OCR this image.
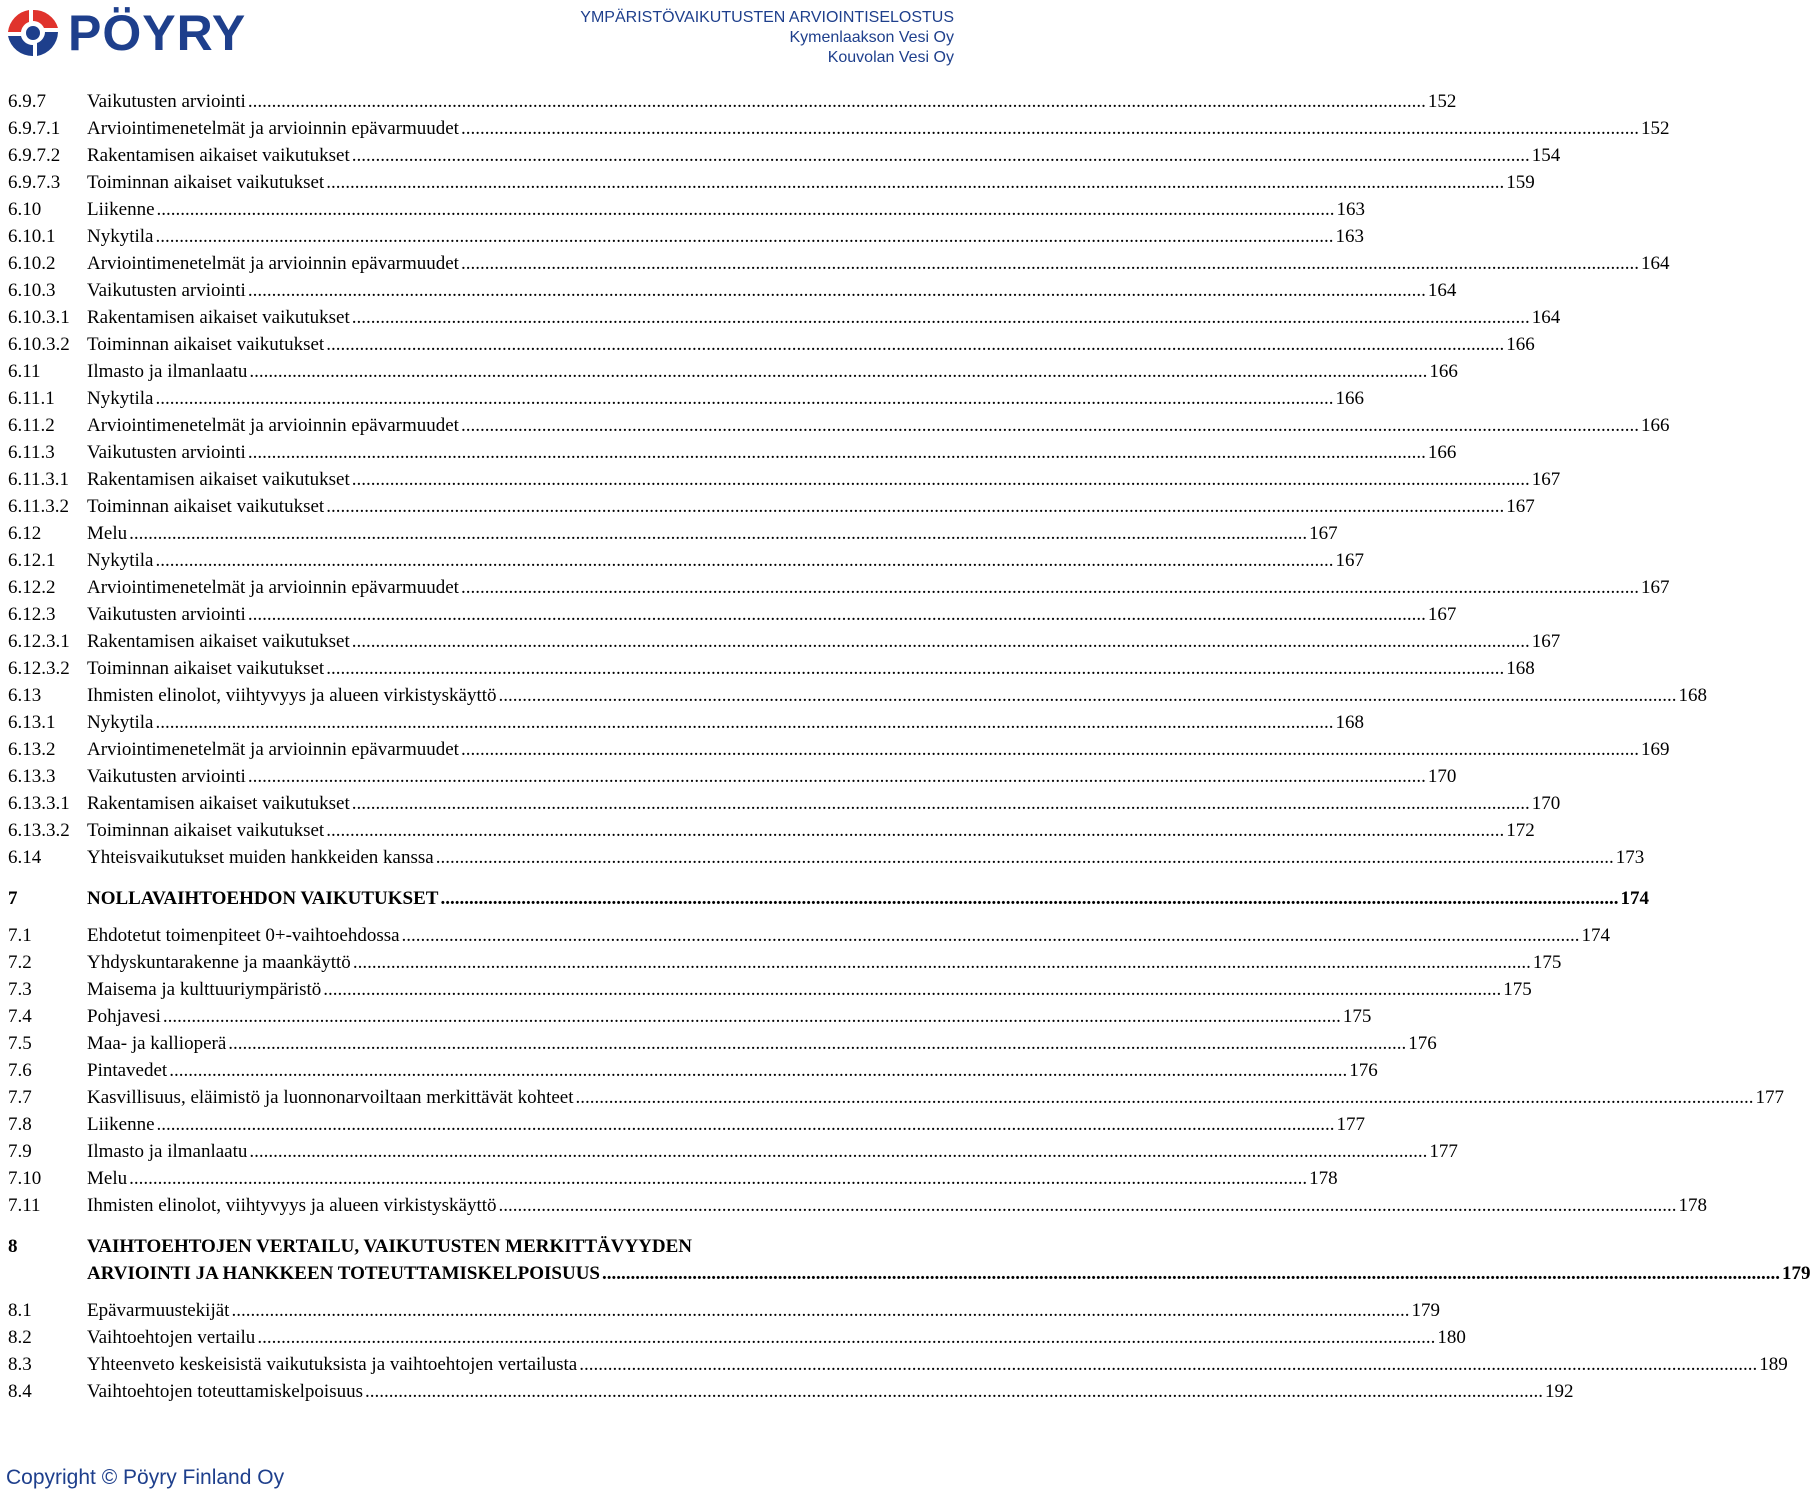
PÖYRY	YMPÄRISTÖVAIKUTUSTEN ARVIOINTISELOSTUS
Kymenlaakson Vesi Oy
Kouvolan Vesi Oy
6.9.7	Vaikutusten arviointi .....	152
6.9.7.1	Arviointimenetelmät ja arvioinnin epävarmuudet .....	152
6.9.7.2	Rakentamisen aikaiset vaikutukset .....	154
6.9.7.3	Toiminnan aikaiset vaikutukset .....	159
6.10	Liikenne .....	163
6.10.1	Nykytila .....	163
6.10.2	Arviointimenetelmät ja arvioinnin epävarmuudet .....	164
6.10.3	Vaikutusten arviointi .....	164
6.10.3.1 Rakentamisen aikaiset vaikutukset .....	164
6.10.3.2 Toiminnan aikaiset vaikutukset .....	166
6.11	Ilmasto ja ilmanlaatu .....	166
6.11.1	Nykytila .....	166
6.11.2	Arviointimenetelmät ja arvioinnin epävarmuudet .....	166
6.11.3	Vaikutusten arviointi .....	166
6.11.3.1 Rakentamisen aikaiset vaikutukset .....	167
6.11.3.2 Toiminnan aikaiset vaikutukset .....	167
6.12	Melu .....	167
6.12.1	Nykytila .....	167
6.12.2	Arviointimenetelmät ja arvioinnin epävarmuudet .....	167
6.12.3	Vaikutusten arviointi .....	167
6.12.3.1 Rakentamisen aikaiset vaikutukset .....	167
6.12.3.2 Toiminnan aikaiset vaikutukset .....	168
6.13	Ihmisten elinolot, viihtyvyys ja alueen virkistyskäyttö .....	168
6.13.1	Nykytila .....	168
6.13.2	Arviointimenetelmät ja arvioinnin epävarmuudet .....	169
6.13.3	Vaikutusten arviointi .....	170
6.13.3.1 Rakentamisen aikaiset vaikutukset .....	170
6.13.3.2 Toiminnan aikaiset vaikutukset .....	172
6.14	Yhteisvaikutukset muiden hankkeiden kanssa .....	173
7	NOLLAVAIHTOEHDON VAIKUTUKSET .....	174
7.1	Ehdotetut toimenpiteet 0+-vaihtoehdossa .....	174
7.2	Yhdyskuntarakenne ja maankäyttö .....	175
7.3	Maisema ja kulttuuriympäristö .....	175
7.4	Pohjavesi .....	175
7.5	Maa- ja kallioperä .....	176
7.6	Pintavedet .....	176
7.7	Kasvillisuus, eläimistö ja luonnonarvoiltaan merkittävät kohteet .....	177
7.8	Liikenne .....	177
7.9	Ilmasto ja ilmanlaatu .....	177
7.10	Melu .....	178
7.11	Ihmisten elinolot, viihtyvyys ja alueen virkistyskäyttö .....	178
8	VAIHTOEHTOJEN VERTAILU, VAIKUTUSTEN MERKITTÄVYYDEN
ARVIOINTI JA HANKKEEN TOTEUTTAMISKELPOISUUS .....	179
8.1	Epävarmuustekijät .....	179
8.2	Vaihtoehtojen vertailu .....	180
8.3	Yhteenveto keskeisistä vaikutuksista ja vaihtoehtojen vertailusta .....	189
8.4	Vaihtoehtojen toteuttamiskelpoisuus .....	192
Copyright © Pöyry Finland Oy
